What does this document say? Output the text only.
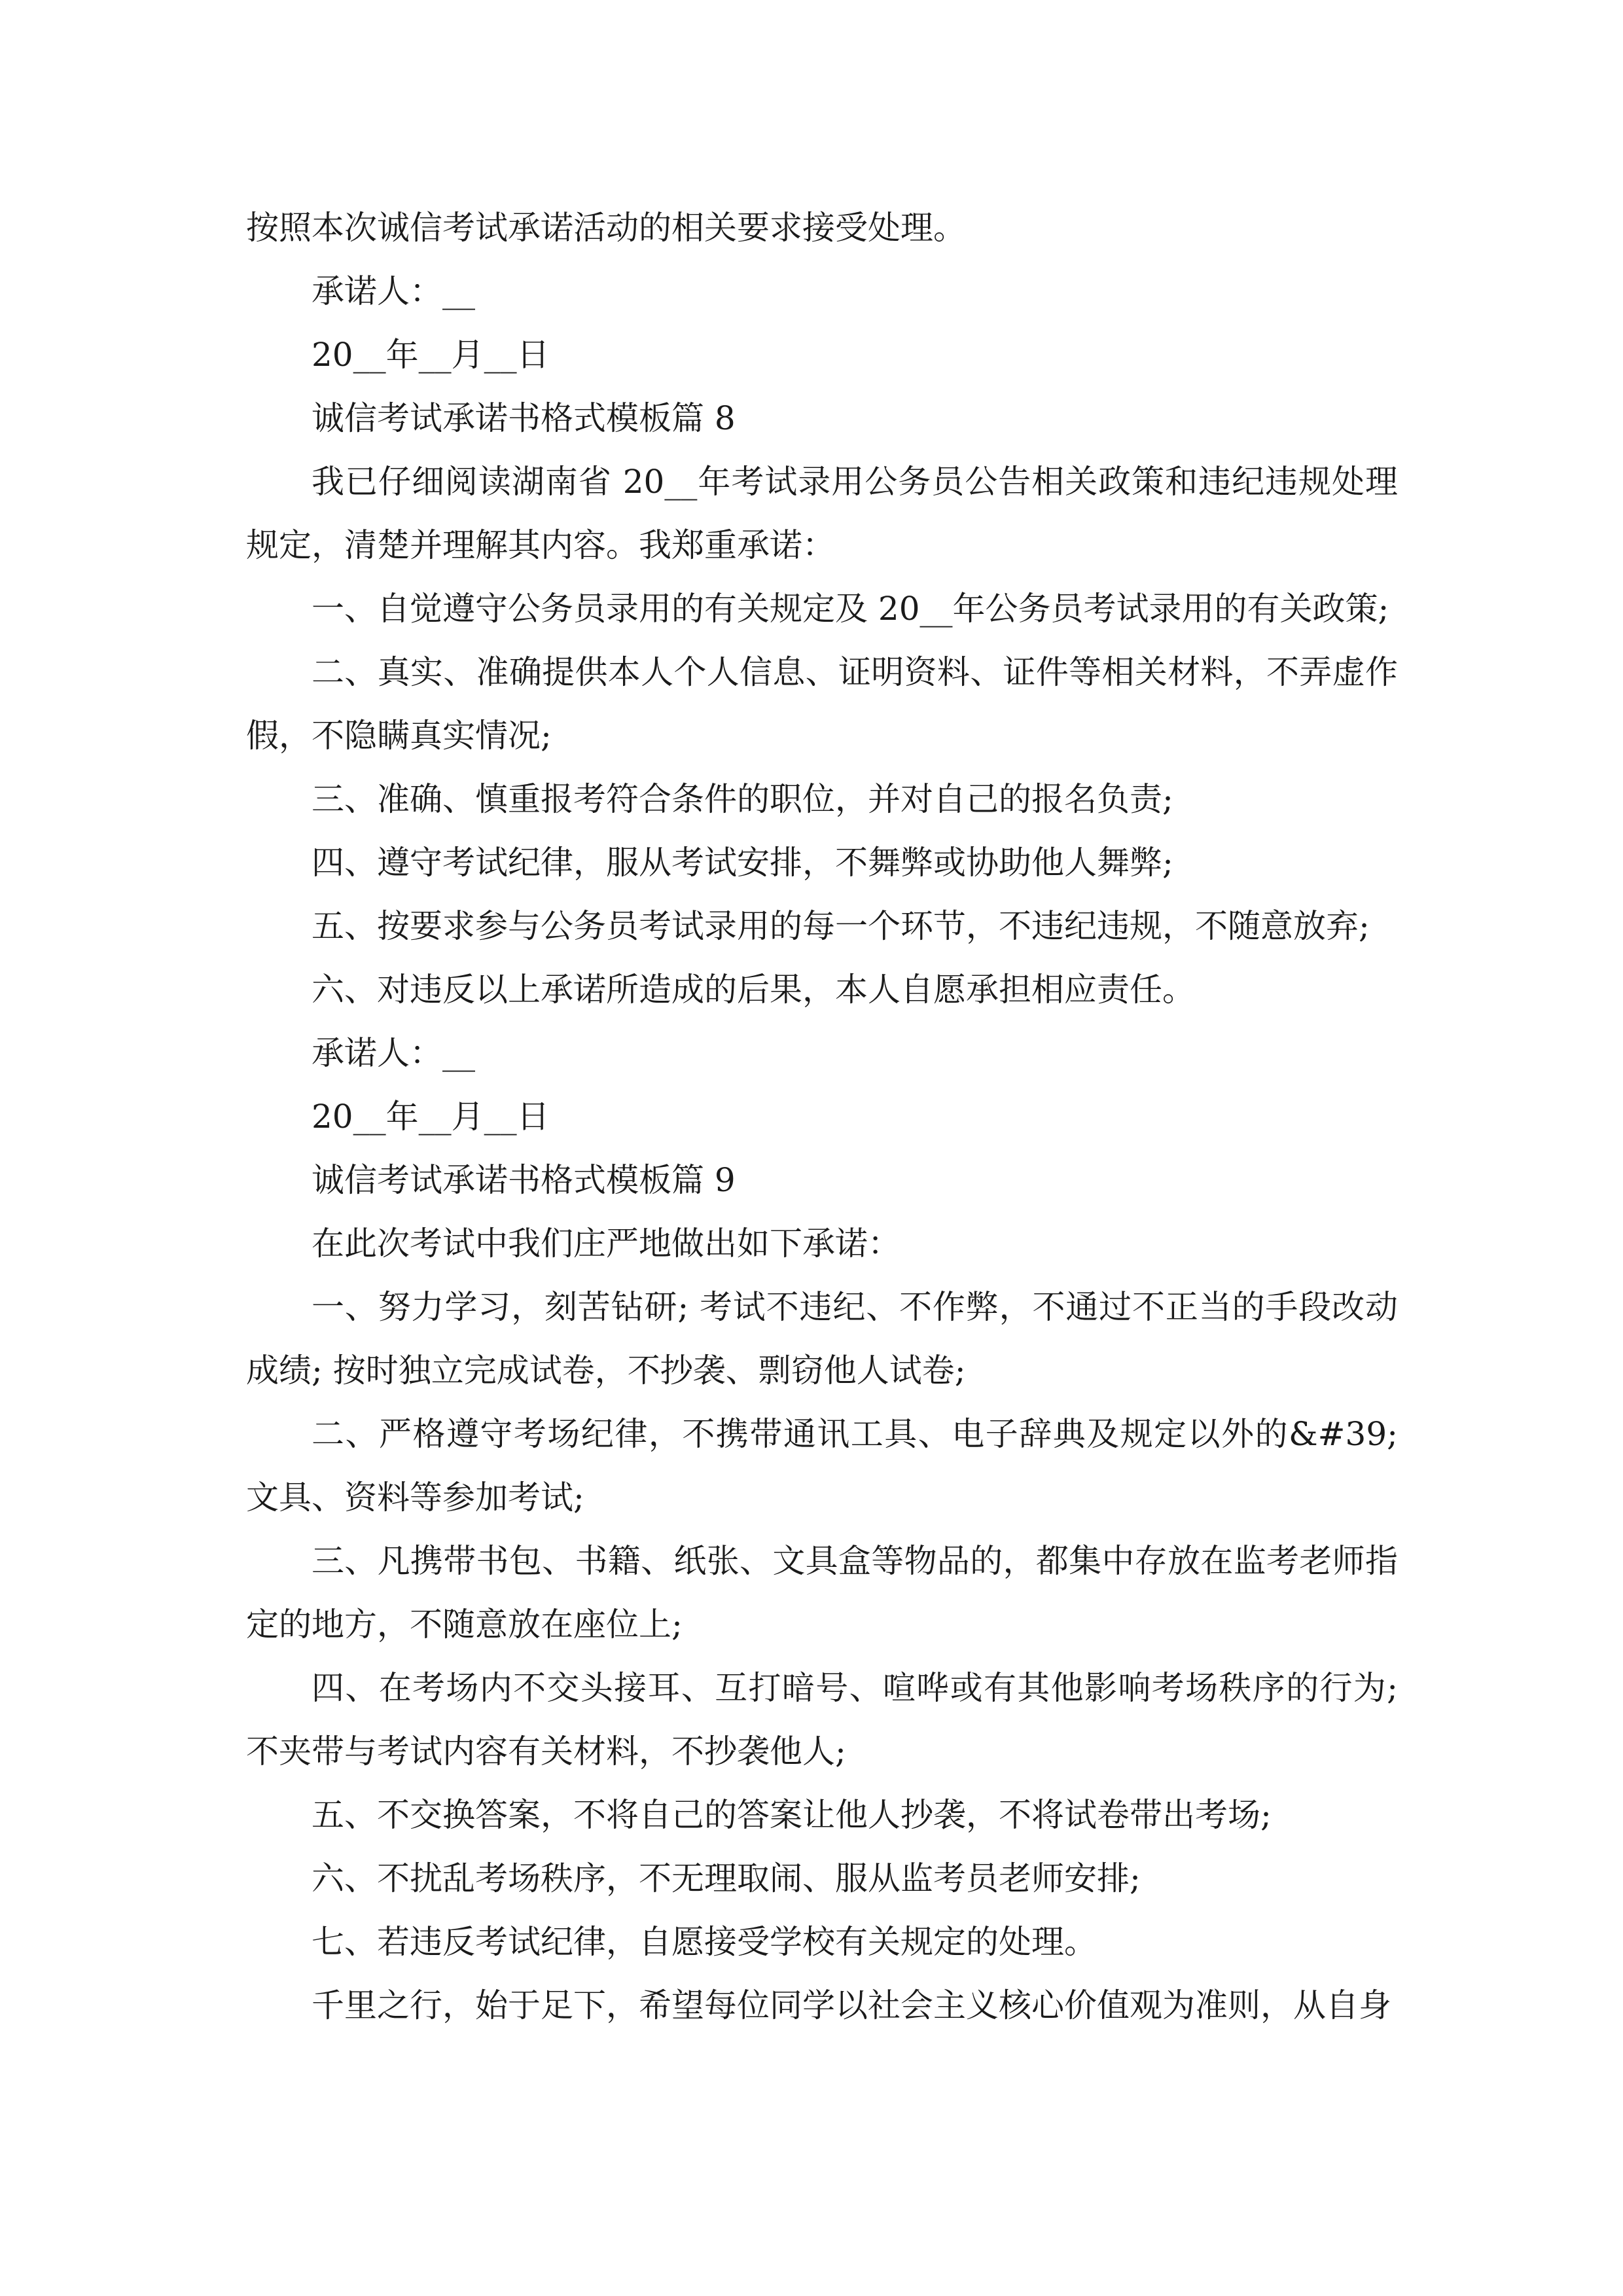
按照本次诚信考试承诺活动的相关要求接受处理。

承诺人：__

20__年__月__日

诚信考试承诺书格式模板篇 8

我已仔细阅读湖南省 20__年考试录用公务员公告相关政策和违纪违规处理规定，清楚并理解其内容。我郑重承诺：

一、自觉遵守公务员录用的有关规定及 20__年公务员考试录用的有关政策;

二、真实、准确提供本人个人信息、证明资料、证件等相关材料，不弄虚作假，不隐瞒真实情况;

三、准确、慎重报考符合条件的职位，并对自己的报名负责;

四、遵守考试纪律，服从考试安排，不舞弊或协助他人舞弊;

五、按要求参与公务员考试录用的每一个环节，不违纪违规，不随意放弃;

六、对违反以上承诺所造成的后果，本人自愿承担相应责任。

承诺人：__

20__年__月__日

诚信考试承诺书格式模板篇 9

在此次考试中我们庄严地做出如下承诺：

一、努力学习，刻苦钻研; 考试不违纪、不作弊，不通过不正当的手段改动成绩; 按时独立完成试卷，不抄袭、剽窃他人试卷;

二、严格遵守考场纪律，不携带通讯工具、电子辞典及规定以外的&#39;文具、资料等参加考试;

三、凡携带书包、书籍、纸张、文具盒等物品的，都集中存放在监考老师指定的地方，不随意放在座位上;

四、在考场内不交头接耳、互打暗号、喧哗或有其他影响考场秩序的行为; 不夹带与考试内容有关材料，不抄袭他人;

五、不交换答案，不将自己的答案让他人抄袭，不将试卷带出考场;

六、不扰乱考场秩序，不无理取闹、服从监考员老师安排;

七、若违反考试纪律，自愿接受学校有关规定的处理。

千里之行，始于足下，希望每位同学以社会主义核心价值观为准则，从自身
